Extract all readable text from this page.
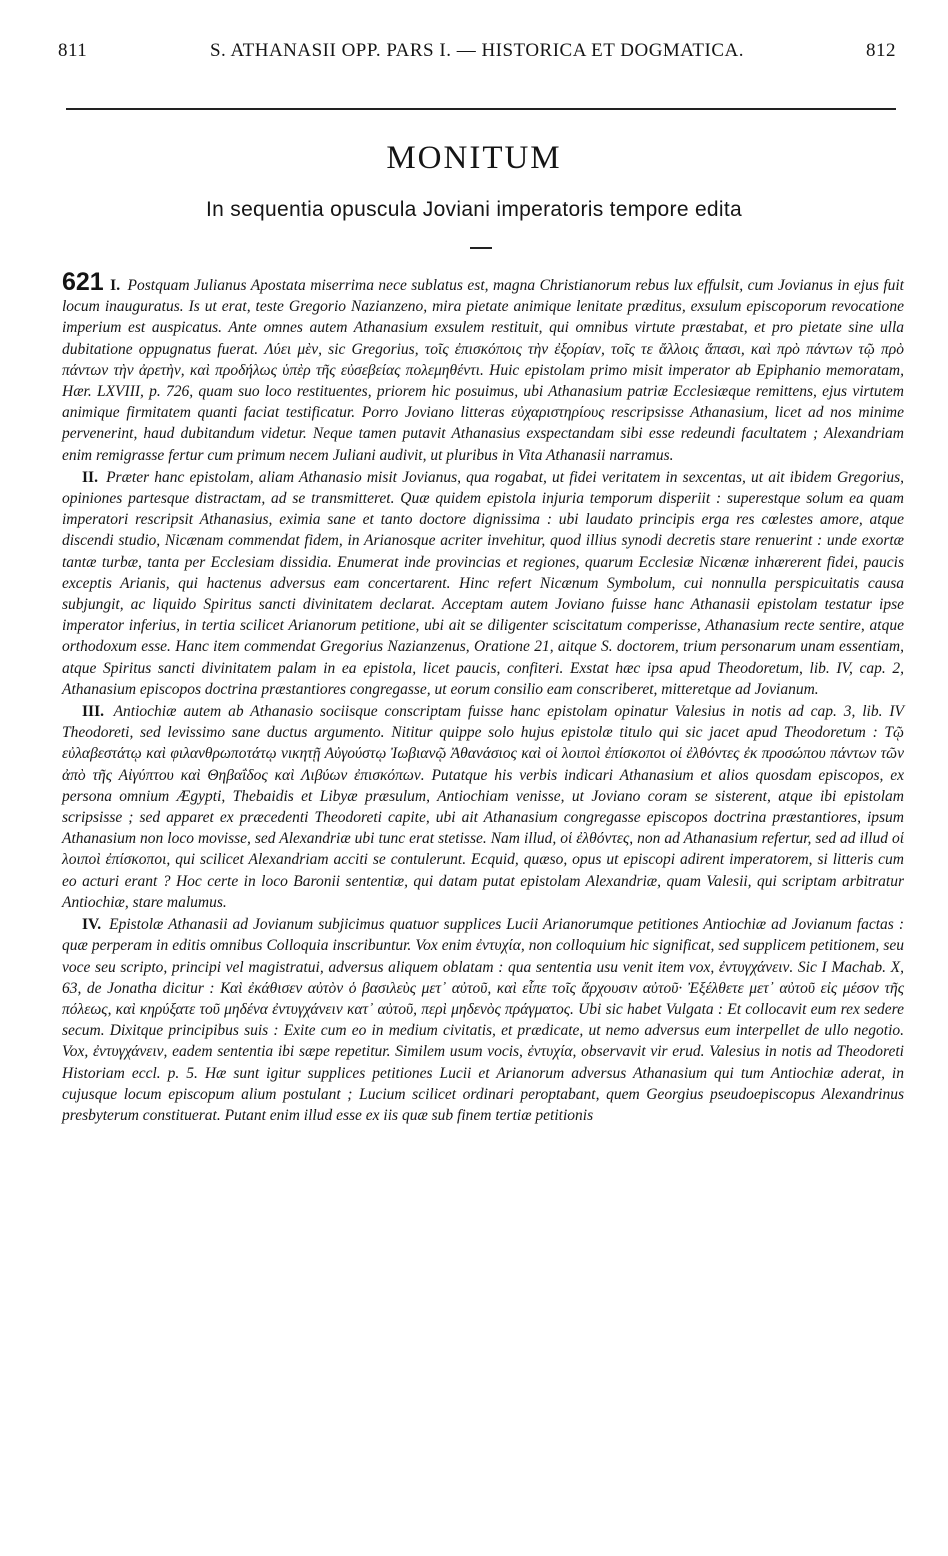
811	S. ATHANASII OPP. PARS I. — HISTORICA ET DOGMATICA.	812
MONITUM
In sequentia opuscula Joviani imperatoris tempore edita

621 I. Postquam Julianus Apostata miserrima nece sublatus est, magna Christianorum rebus lux effulsit, cum Jovianus in ejus fuit locum inauguratus. Is ut erat, teste Gregorio Nazianzeno, mira pietate animique lenitate præditus, exsulum episcoporum revocatione imperium est auspicatus. Ante omnes autem Athanasium exsulem restituit, qui omnibus virtute præstabat, et pro pietate sine ulla dubitatione oppugnatus fuerat. Λύει μὲν, sic Gregorius, τοῖς ἐπισκόποις τὴν ἐξορίαν, τοῖς τε ἄλλοις ἅπασι, καὶ πρὸ πάντων τῷ πρὸ πάντων τὴν ἀρετὴν, καὶ προδήλως ὑπὲρ τῆς εὐσεβείας πολεμηθέντι. Huic epistolam primo misit imperator ab Epiphanio memoratam, Hær. LXVIII, p. 726, quam suo loco restituentes, priorem hic posuimus, ubi Athanasium patriæ Ecclesiæque remittens, ejus virtutem animique firmitatem quanti faciat testificatur. Porro Joviano litteras εὐχαριστηρίους rescripsisse Athanasium, licet ad nos minime pervenerint, haud dubitandum videtur. Neque tamen putavit Athanasius exspectandam sibi esse redeundi facultatem ; Alexandriam enim remigrasse fertur cum primum necem Juliani audivit, ut pluribus in Vita Athanasii narramus.

II. Præter hanc epistolam, aliam Athanasio misit Jovianus, qua rogabat, ut fidei veritatem in sexcentas, ut ait ibidem Gregorius, opiniones partesque distractam, ad se transmitteret. Quæ quidem epistola injuria temporum disperiit : superestque solum ea quam imperatori rescripsit Athanasius, eximia sane et tanto doctore dignissima : ubi laudato principis erga res cœlestes amore, atque discendi studio, Nicænam commendat fidem, in Arianosque acriter invehitur, quod illius synodi decretis stare renuerint : unde exortæ tantæ turbæ, tanta per Ecclesiam dissidia. Enumerat inde provincias et regiones, quarum Ecclesiæ Nicænæ inhærerent fidei, paucis exceptis Arianis, qui hactenus adversus eam concertarent. Hinc refert Nicænum Symbolum, cui nonnulla perspicuitatis causa subjungit, ac liquido Spiritus sancti divinitatem declarat. Acceptam autem Joviano fuisse hanc Athanasii epistolam testatur ipse imperator inferius, in tertia scilicet Arianorum petitione, ubi ait se diligenter sciscitatum comperisse, Athanasium recte sentire, atque orthodoxum esse. Hanc item commendat Gregorius Nazianzenus, Oratione 21, aitque S. doctorem, trium personarum unam essentiam, atque Spiritus sancti divinitatem palam in ea epistola, licet paucis, confiteri. Exstat hæc ipsa apud Theodoretum, lib. IV, cap. 2, Athanasium episcopos doctrina præstantiores congregasse, ut eorum consilio eam conscriberet, mitteretque ad Jovianum.

III. Antiochiæ autem ab Athanasio sociisque conscriptam fuisse hanc epistolam opinatur Valesius in notis ad cap. 3, lib. IV Theodoreti, sed levissimo sane ductus argumento. Nititur quippe solo hujus epistolæ titulo qui sic jacet apud Theodoretum : Τῷ εὐλαβεστάτῳ καὶ φιλανθρωποτάτῳ νικητῇ Αὐγούστῳ Ἰωβιανῷ Ἀθανάσιος καὶ οἱ λοιποὶ ἐπίσκοποι οἱ ἐλθόντες ἐκ προσώπου πάντων τῶν ἀπὸ τῆς Αἰγύπτου καὶ Θηβαΐδος καὶ Λιβύων ἐπισκόπων. Putatque his verbis indicari Athanasium et alios quosdam episcopos, ex persona omnium Ægypti, Thebaidis et Libyæ præsulum, Antiochiam venisse, ut Joviano coram se sisterent, atque ibi epistolam scripsisse ; sed apparet ex præcedenti Theodoreti capite, ubi ait Athanasium congregasse episcopos doctrina præstantiores, ipsum Athanasium non loco movisse, sed Alexandriæ ubi tunc erat stetisse. Nam illud, οἱ ἐλθόντες, non ad Athanasium refertur, sed ad illud οἱ λοιποὶ ἐπίσκοποι, qui scilicet Alexandriam acciti se contulerunt. Ecquid, quæso, opus ut episcopi adirent imperatorem, si litteris cum eo acturi erant ? Hoc certe in loco Baronii sententiæ, qui datam putat epistolam Alexandriæ, quam Valesii, qui scriptam arbitratur Antiochiæ, stare malumus.

IV. Epistolæ Athanasii ad Jovianum subjicimus quatuor supplices Lucii Arianorumque petitiones Antiochiæ ad Jovianum factas : quæ perperam in editis omnibus Colloquia inscribuntur. Vox enim ἐντυχία, non colloquium hic significat, sed supplicem petitionem, seu voce seu scripto, principi vel magistratui, adversus aliquem oblatam : qua sententia usu venit item vox, ἐντυγχάνειν. Sic I Machab. X, 63, de Jonatha dicitur : Καὶ ἐκάθισεν αὐτὸν ὁ βασιλεὺς μετ᾽ αὐτοῦ, καὶ εἶπε τοῖς ἄρχουσιν αὐτοῦ· Ἐξέλθετε μετ᾽ αὐτοῦ εἰς μέσον τῆς πόλεως, καὶ κηρύξατε τοῦ μηδένα ἐντυγχάνειν κατ᾽ αὐτοῦ, περὶ μηδενὸς πράγματος. Ubi sic habet Vulgata : Et collocavit eum rex sedere secum. Dixitque principibus suis : Exite cum eo in medium civitatis, et prædicate, ut nemo adversus eum interpellet de ullo negotio. Vox, ἐντυγχάνειν, eadem sententia ibi sæpe repetitur. Similem usum vocis, ἐντυχία, observavit vir erud. Valesius in notis ad Theodoreti Historiam eccl. p. 5. Hæ sunt igitur supplices petitiones Lucii et Arianorum adversus Athanasium qui tum Antiochiæ aderat, in cujusque locum episcopum alium postulant ; Lucium scilicet ordinari peroptabant, quem Georgius pseudoepiscopus Alexandrinus presbyterum constituerat. Putant enim illud esse ex iis quæ sub finem tertiæ petitionis
